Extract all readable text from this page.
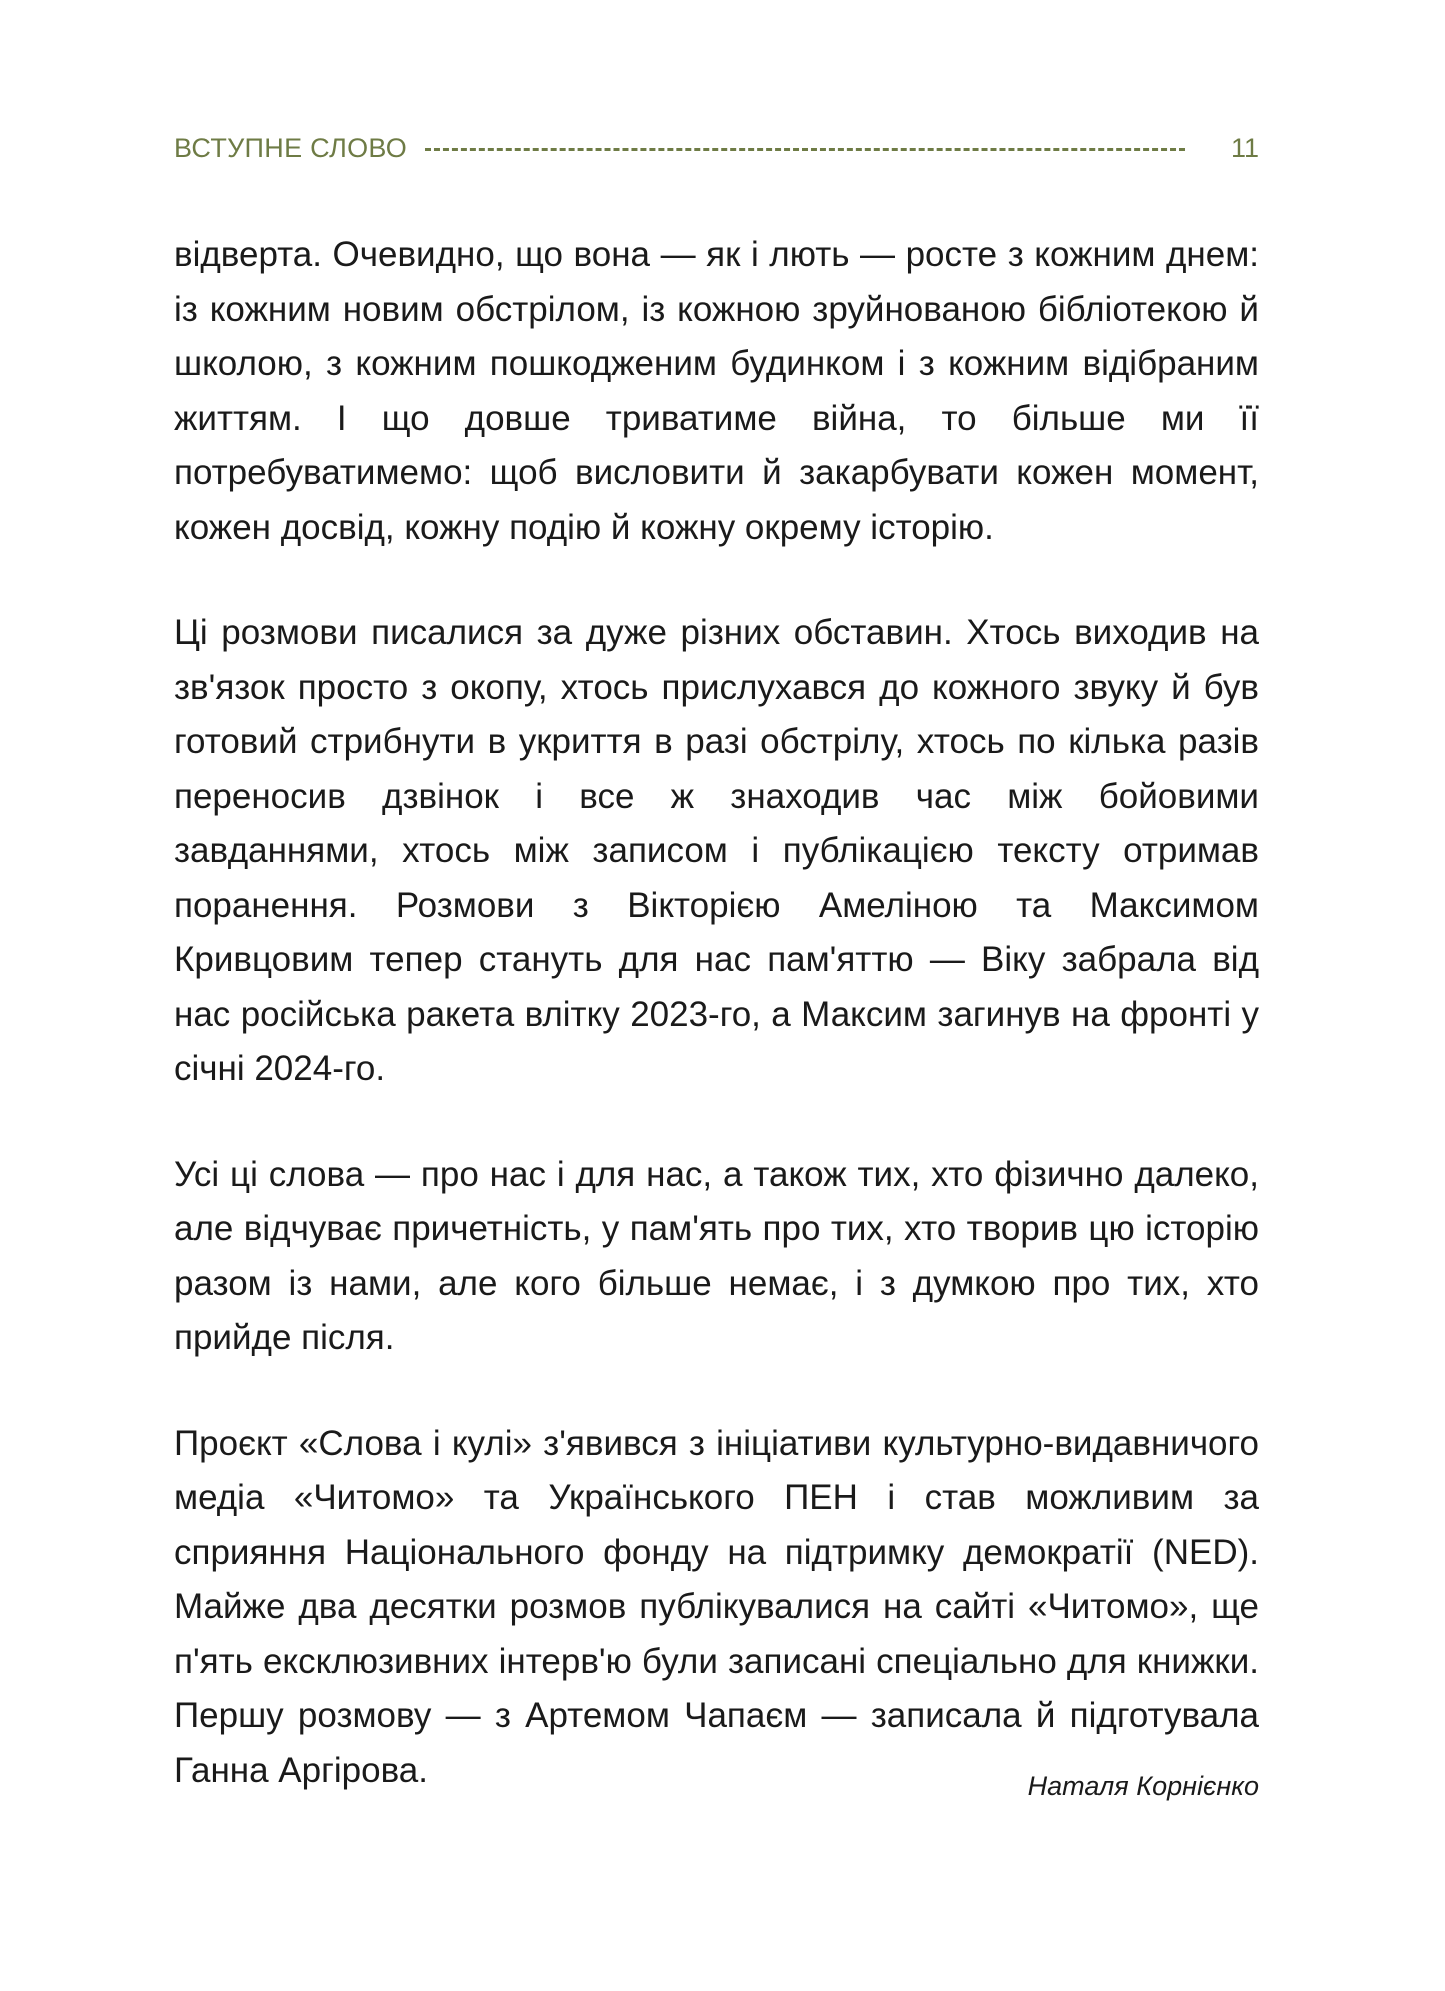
ВСТУПНЕ СЛОВО	11

відверта. Очевидно, що вона — як і лють — росте з кожним днем: із кожним новим обстрілом, із кожною зруйнованою бібліотекою й школою, з кожним пошкодженим будинком і з кожним відібраним життям. І що довше триватиме війна, то більше ми її потребуватимемо: щоб висловити й закарбувати кожен момент, кожен досвід, кожну подію й кожну окрему історію.

Ці розмови писалися за дуже різних обставин. Хтось виходив на зв'язок просто з окопу, хтось прислухався до кожного звуку й був готовий стрибнути в укриття в разі обстрілу, хтось по кілька разів переносив дзвінок і все ж знаходив час між бойовими завданнями, хтось між записом і публікацією тексту отримав поранення. Розмови з Вікторією Амеліною та Максимом Кривцовим тепер стануть для нас пам'яттю — Віку забрала від нас російська ракета влітку 2023-го, а Максим загинув на фронті у січні 2024-го.

Усі ці слова — про нас і для нас, а також тих, хто фізично далеко, але відчуває причетність, у пам'ять про тих, хто творив цю історію разом із нами, але кого більше немає, і з думкою про тих, хто прийде після.

Проєкт «Слова і кулі» з'явився з ініціативи культурно-видавничого медіа «Читомо» та Українського ПЕН і став можливим за сприяння Національного фонду на підтримку демократії (NED). Майже два десятки розмов публікувалися на сайті «Читомо», ще п'ять ексклюзивних інтерв'ю були записані спеціально для книжки. Першу розмову — з Артемом Чапаєм — записала й підготувала Ганна Аргірова.	Наталя Корнієнко
